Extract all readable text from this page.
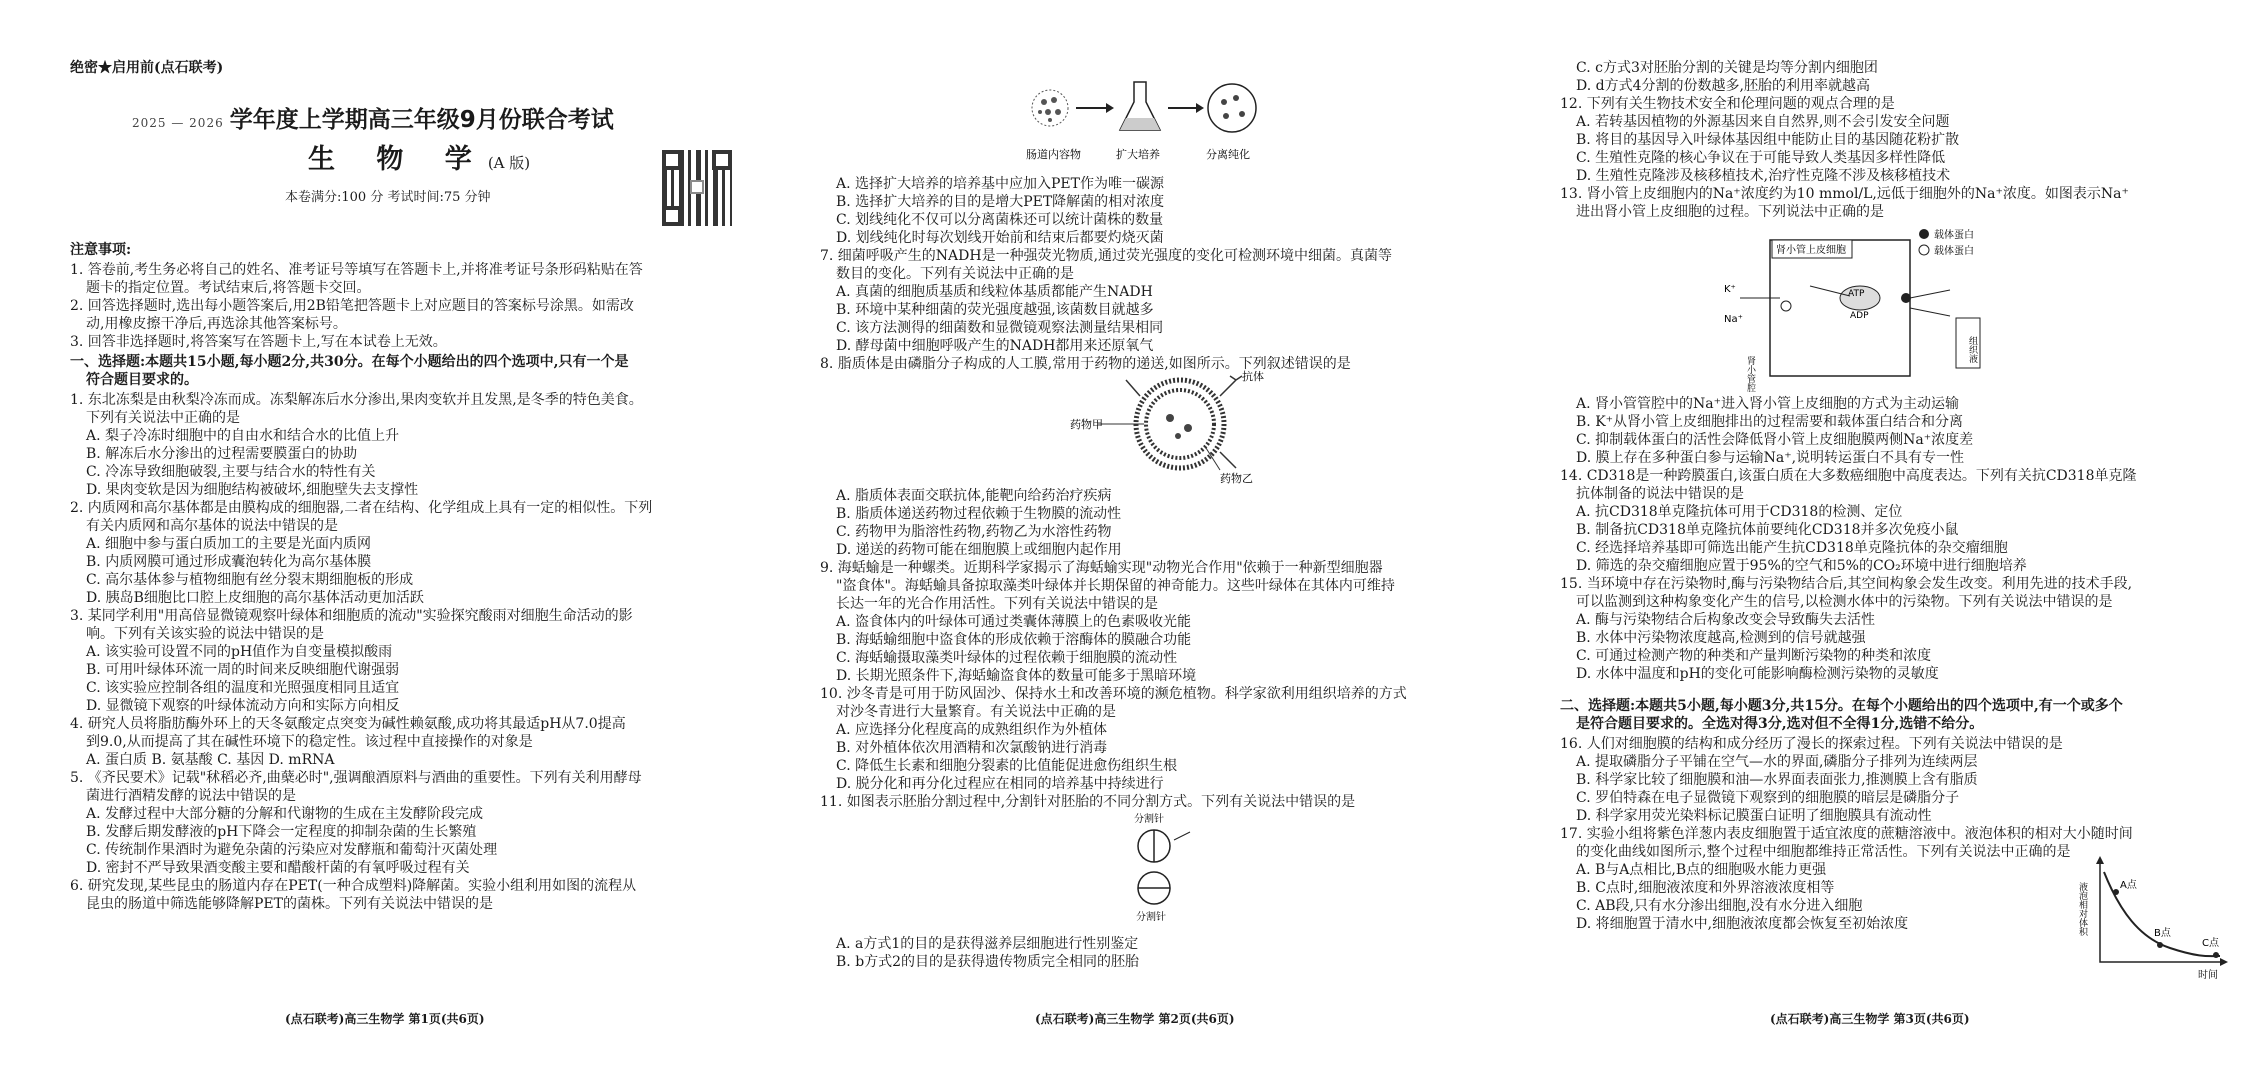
绝密★启用前(点石联考)
2025 — 2026 学年度上学期高三年级9月份联合考试
生 物 学(A 版)
本卷满分:100 分 考试时间:75 分钟
注意事项:
1. 答卷前,考生务必将自己的姓名、准考证号等填写在答题卡上,并将准考证号条形码粘贴在答
题卡的指定位置。考试结束后,将答题卡交回。
2. 回答选择题时,选出每小题答案后,用2B铅笔把答题卡上对应题目的答案标号涂黑。如需改
动,用橡皮擦干净后,再选涂其他答案标号。
3. 回答非选择题时,将答案写在答题卡上,写在本试卷上无效。
一、选择题:本题共15小题,每小题2分,共30分。在每个小题给出的四个选项中,只有一个是
符合题目要求的。
1. 东北冻梨是由秋梨冷冻而成。冻梨解冻后水分渗出,果肉变软并且发黑,是冬季的特色美食。
下列有关说法中正确的是
A. 梨子冷冻时细胞中的自由水和结合水的比值上升
B. 解冻后水分渗出的过程需要膜蛋白的协助
C. 冷冻导致细胞破裂,主要与结合水的特性有关
D. 果肉变软是因为细胞结构被破坏,细胞壁失去支撑性
2. 内质网和高尔基体都是由膜构成的细胞器,二者在结构、化学组成上具有一定的相似性。下列
有关内质网和高尔基体的说法中错误的是
A. 细胞中参与蛋白质加工的主要是光面内质网
B. 内质网膜可通过形成囊泡转化为高尔基体膜
C. 高尔基体参与植物细胞有丝分裂末期细胞板的形成
D. 胰岛B细胞比口腔上皮细胞的高尔基体活动更加活跃
3. 某同学利用"用高倍显微镜观察叶绿体和细胞质的流动"实验探究酸雨对细胞生命活动的影
响。下列有关该实验的说法中错误的是
A. 该实验可设置不同的pH值作为自变量模拟酸雨
B. 可用叶绿体环流一周的时间来反映细胞代谢强弱
C. 该实验应控制各组的温度和光照强度相同且适宜
D. 显微镜下观察的叶绿体流动方向和实际方向相反
4. 研究人员将脂肪酶外环上的天冬氨酸定点突变为碱性赖氨酸,成功将其最适pH从7.0提高
到9.0,从而提高了其在碱性环境下的稳定性。该过程中直接操作的对象是
A. 蛋白质 B. 氨基酸 C. 基因 D. mRNA
5. 《齐民要术》记载"秫稻必齐,曲蘖必时",强调酿酒原料与酒曲的重要性。下列有关利用酵母
菌进行酒精发酵的说法中错误的是
A. 发酵过程中大部分糖的分解和代谢物的生成在主发酵阶段完成
B. 发酵后期发酵液的pH下降会一定程度的抑制杂菌的生长繁殖
C. 传统制作果酒时为避免杂菌的污染应对发酵瓶和葡萄汁灭菌处理
D. 密封不严导致果酒变酸主要和醋酸杆菌的有氧呼吸过程有关
6. 研究发现,某些昆虫的肠道内存在PET(一种合成塑料)降解菌。实验小组利用如图的流程从
昆虫的肠道中筛选能够降解PET的菌株。下列有关说法中错误的是
(点石联考)高三生物学 第1页(共6页)
肠道内容物	扩大培养	分离纯化
A. 选择扩大培养的培养基中应加入PET作为唯一碳源
B. 选择扩大培养的目的是增大PET降解菌的相对浓度
C. 划线纯化不仅可以分离菌株还可以统计菌株的数量
D. 划线纯化时每次划线开始前和结束后都要灼烧灭菌
7. 细菌呼吸产生的NADH是一种强荧光物质,通过荧光强度的变化可检测环境中细菌。真菌等
数目的变化。下列有关说法中正确的是
A. 真菌的细胞质基质和线粒体基质都能产生NADH
B. 环境中某种细菌的荧光强度越强,该菌数目就越多
C. 该方法测得的细菌数和显微镜观察法测量结果相同
D. 酵母菌中细胞呼吸产生的NADH都用来还原氧气
8. 脂质体是由磷脂分子构成的人工膜,常用于药物的递送,如图所示。下列叙述错误的是
抗体
药物甲
药物乙
A. 脂质体表面交联抗体,能靶向给药治疗疾病
B. 脂质体递送药物过程依赖于生物膜的流动性
C. 药物甲为脂溶性药物,药物乙为水溶性药物
D. 递送的药物可能在细胞膜上或细胞内起作用
9. 海蛞蝓是一种螺类。近期科学家揭示了海蛞蝓实现"动物光合作用"依赖于一种新型细胞器
"盗食体"。海蛞蝓具备掠取藻类叶绿体并长期保留的神奇能力。这些叶绿体在其体内可维持
长达一年的光合作用活性。下列有关说法中错误的是
A. 盗食体内的叶绿体可通过类囊体薄膜上的色素吸收光能
B. 海蛞蝓细胞中盗食体的形成依赖于溶酶体的膜融合功能
C. 海蛞蝓摄取藻类叶绿体的过程依赖于细胞膜的流动性
D. 长期光照条件下,海蛞蝓盗食体的数量可能多于黑暗环境
10. 沙冬青是可用于防风固沙、保持水土和改善环境的濒危植物。科学家欲利用组织培养的方式
对沙冬青进行大量繁育。有关说法中正确的是
A. 应选择分化程度高的成熟组织作为外植体
B. 对外植体依次用酒精和次氯酸钠进行消毒
C. 降低生长素和细胞分裂素的比值能促进愈伤组织生根
D. 脱分化和再分化过程应在相同的培养基中持续进行
11. 如图表示胚胎分割过程中,分割针对胚胎的不同分割方式。下列有关说法中错误的是
分割针
分割针
A. a方式1的目的是获得滋养层细胞进行性别鉴定
B. b方式2的目的是获得遗传物质完全相同的胚胎
(点石联考)高三生物学 第2页(共6页)
C. c方式3对胚胎分割的关键是均等分割内细胞团
D. d方式4分割的份数越多,胚胎的利用率就越高
12. 下列有关生物技术安全和伦理问题的观点合理的是
A. 若转基因植物的外源基因来自自然界,则不会引发安全问题
B. 将目的基因导入叶绿体基因组中能防止目的基因随花粉扩散
C. 生殖性克隆的核心争议在于可能导致人类基因多样性降低
D. 生殖性克隆涉及核移植技术,治疗性克隆不涉及核移植技术
13. 肾小管上皮细胞内的Na⁺浓度约为10 mmol/L,远低于细胞外的Na⁺浓度。如图表示Na⁺
进出肾小管上皮细胞的过程。下列说法中正确的是
肾小管上皮细胞
载体蛋白
载体蛋白
ATP
ADP
K⁺
Na⁺
肾小管腔
组织液
A. 肾小管管腔中的Na⁺进入肾小管上皮细胞的方式为主动运输
B. K⁺从肾小管上皮细胞排出的过程需要和载体蛋白结合和分离
C. 抑制载体蛋白的活性会降低肾小管上皮细胞膜两侧Na⁺浓度差
D. 膜上存在多种蛋白参与运输Na⁺,说明转运蛋白不具有专一性
14. CD318是一种跨膜蛋白,该蛋白质在大多数癌细胞中高度表达。下列有关抗CD318单克隆
抗体制备的说法中错误的是
A. 抗CD318单克隆抗体可用于CD318的检测、定位
B. 制备抗CD318单克隆抗体前要纯化CD318并多次免疫小鼠
C. 经选择培养基即可筛选出能产生抗CD318单克隆抗体的杂交瘤细胞
D. 筛选的杂交瘤细胞应置于95%的空气和5%的CO₂环境中进行细胞培养
15. 当环境中存在污染物时,酶与污染物结合后,其空间构象会发生改变。利用先进的技术手段,
可以监测到这种构象变化产生的信号,以检测水体中的污染物。下列有关说法中错误的是
A. 酶与污染物结合后构象改变会导致酶失去活性
B. 水体中污染物浓度越高,检测到的信号就越强
C. 可通过检测产物的种类和产量判断污染物的种类和浓度
D. 水体中温度和pH的变化可能影响酶检测污染物的灵敏度
二、选择题:本题共5小题,每小题3分,共15分。在每个小题给出的四个选项中,有一个或多个
是符合题目要求的。全选对得3分,选对但不全得1分,选错不给分。
16. 人们对细胞膜的结构和成分经历了漫长的探索过程。下列有关说法中错误的是
A. 提取磷脂分子平铺在空气—水的界面,磷脂分子排列为连续两层
B. 科学家比较了细胞膜和油—水界面表面张力,推测膜上含有脂质
C. 罗伯特森在电子显微镜下观察到的细胞膜的暗层是磷脂分子
D. 科学家用荧光染料标记膜蛋白证明了细胞膜具有流动性
17. 实验小组将紫色洋葱内表皮细胞置于适宜浓度的蔗糖溶液中。液泡体积的相对大小随时间
的变化曲线如图所示,整个过程中细胞都维持正常活性。下列有关说法中正确的是
A. B与A点相比,B点的细胞吸水能力更强
B. C点时,细胞液浓度和外界溶液浓度相等
C. AB段,只有水分渗出细胞,没有水分进入细胞
D. 将细胞置于清水中,细胞液浓度都会恢复至初始浓度
A点
B点
C点
液泡相对体积
时间
(点石联考)高三生物学 第3页(共6页)
